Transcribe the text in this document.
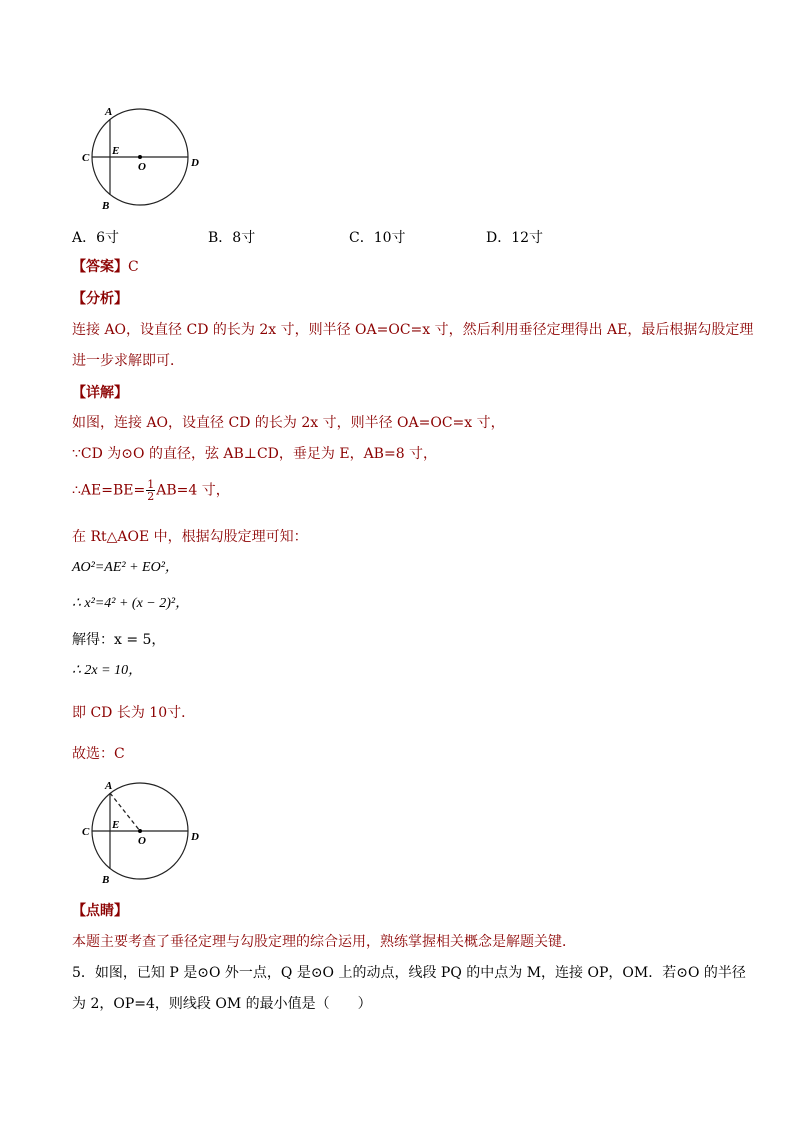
A
B
C	D
E
O
A．6寸	B．8寸	C．10寸	D．12寸
【答案】C
【分析】
连接 AO，设直径 CD 的长为 2x 寸，则半径 OA=OC=x 寸，然后利用垂径定理得出 AE，最后根据勾股定理
进一步求解即可．
【详解】
如图，连接 AO，设直径 CD 的长为 2x 寸，则半径 OA=OC=x 寸，
∵CD 为⊙O 的直径，弦 AB⊥CD，垂足为 E，AB=8 寸，
∴AE=BE= $\frac{1}{2} AB=4$ 寸，
在 Rt△AOE 中，根据勾股定理可知：
AO²=AE² + EO²，
∴ x²=4² + (x − 2)²，
解得：x = 5，
∴ 2x = 10，
即 CD 长为 10寸．
故选：C
A
B
C	D
E
O
【点睛】
本题主要考查了垂径定理与勾股定理的综合运用，熟练掌握相关概念是解题关键．
5．如图，已知 P 是⊙O 外一点，Q 是⊙O 上的动点，线段 PQ 的中点为 M，连接 OP，OM．若⊙O 的半径
为 2，OP=4，则线段 OM 的最小值是（　　）
